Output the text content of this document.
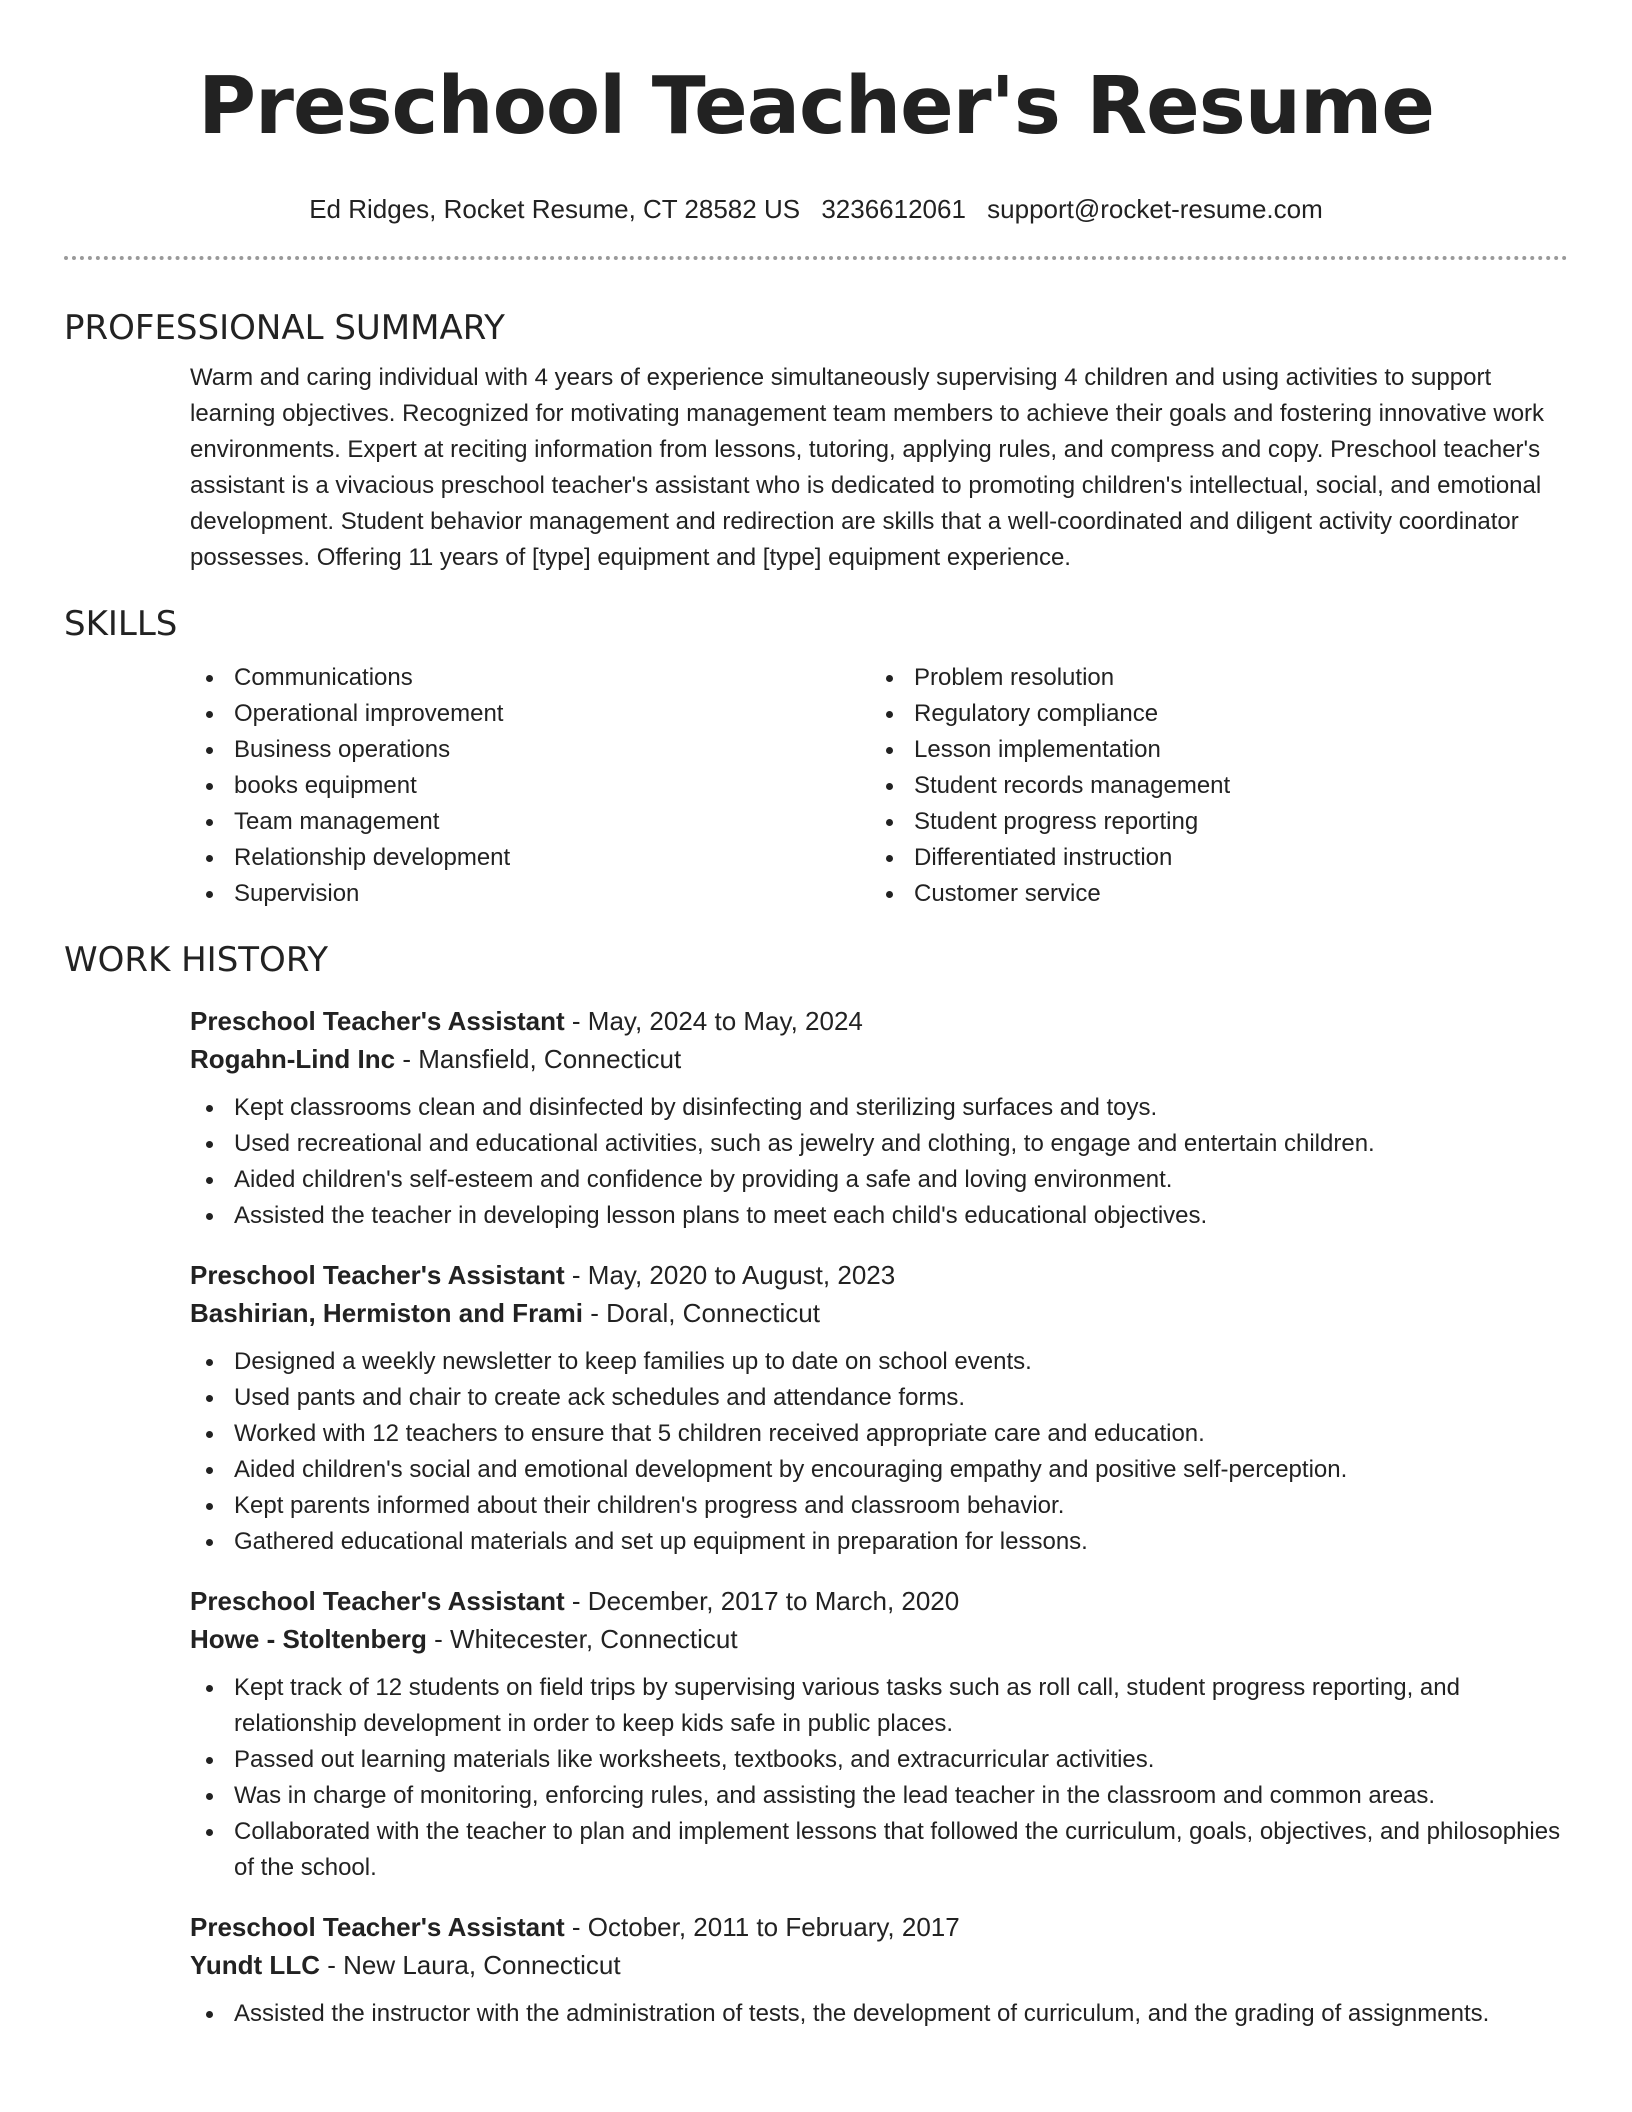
Preschool Teacher's Resume
Ed Ridges, Rocket Resume, CT 28582 US 3236612061 support@rocket-resume.com
PROFESSIONAL SUMMARY

Warm and caring individual with 4 years of experience simultaneously supervising 4 children and using activities to support learning objectives. Recognized for motivating management team members to achieve their goals and fostering innovative work environments. Expert at reciting information from lessons, tutoring, applying rules, and compress and copy. Preschool teacher's assistant is a vivacious preschool teacher's assistant who is dedicated to promoting children's intellectual, social, and emotional development. Student behavior management and redirection are skills that a well-coordinated and diligent activity coordinator possesses. Offering 11 years of [type] equipment and [type] equipment experience.

SKILLS
Communications
Operational improvement
Business operations
books equipment
Team management
Relationship development
Supervision
Problem resolution
Regulatory compliance
Lesson implementation
Student records management
Student progress reporting
Differentiated instruction
Customer service
WORK HISTORY
Preschool Teacher's Assistant - May, 2024 to May, 2024
Rogahn-Lind Inc - Mansfield, Connecticut
Kept classrooms clean and disinfected by disinfecting and sterilizing surfaces and toys.
Used recreational and educational activities, such as jewelry and clothing, to engage and entertain children.
Aided children's self-esteem and confidence by providing a safe and loving environment.
Assisted the teacher in developing lesson plans to meet each child's educational objectives.
Preschool Teacher's Assistant - May, 2020 to August, 2023
Bashirian, Hermiston and Frami - Doral, Connecticut
Designed a weekly newsletter to keep families up to date on school events.
Used pants and chair to create ack schedules and attendance forms.
Worked with 12 teachers to ensure that 5 children received appropriate care and education.
Aided children's social and emotional development by encouraging empathy and positive self-perception.
Kept parents informed about their children's progress and classroom behavior.
Gathered educational materials and set up equipment in preparation for lessons.
Preschool Teacher's Assistant - December, 2017 to March, 2020
Howe - Stoltenberg - Whitecester, Connecticut
Kept track of 12 students on field trips by supervising various tasks such as roll call, student progress reporting, and relationship development in order to keep kids safe in public places.
Passed out learning materials like worksheets, textbooks, and extracurricular activities.
Was in charge of monitoring, enforcing rules, and assisting the lead teacher in the classroom and common areas.
Collaborated with the teacher to plan and implement lessons that followed the curriculum, goals, objectives, and philosophies of the school.
Preschool Teacher's Assistant - October, 2011 to February, 2017
Yundt LLC - New Laura, Connecticut
Assisted the instructor with the administration of tests, the development of curriculum, and the grading of assignments.
